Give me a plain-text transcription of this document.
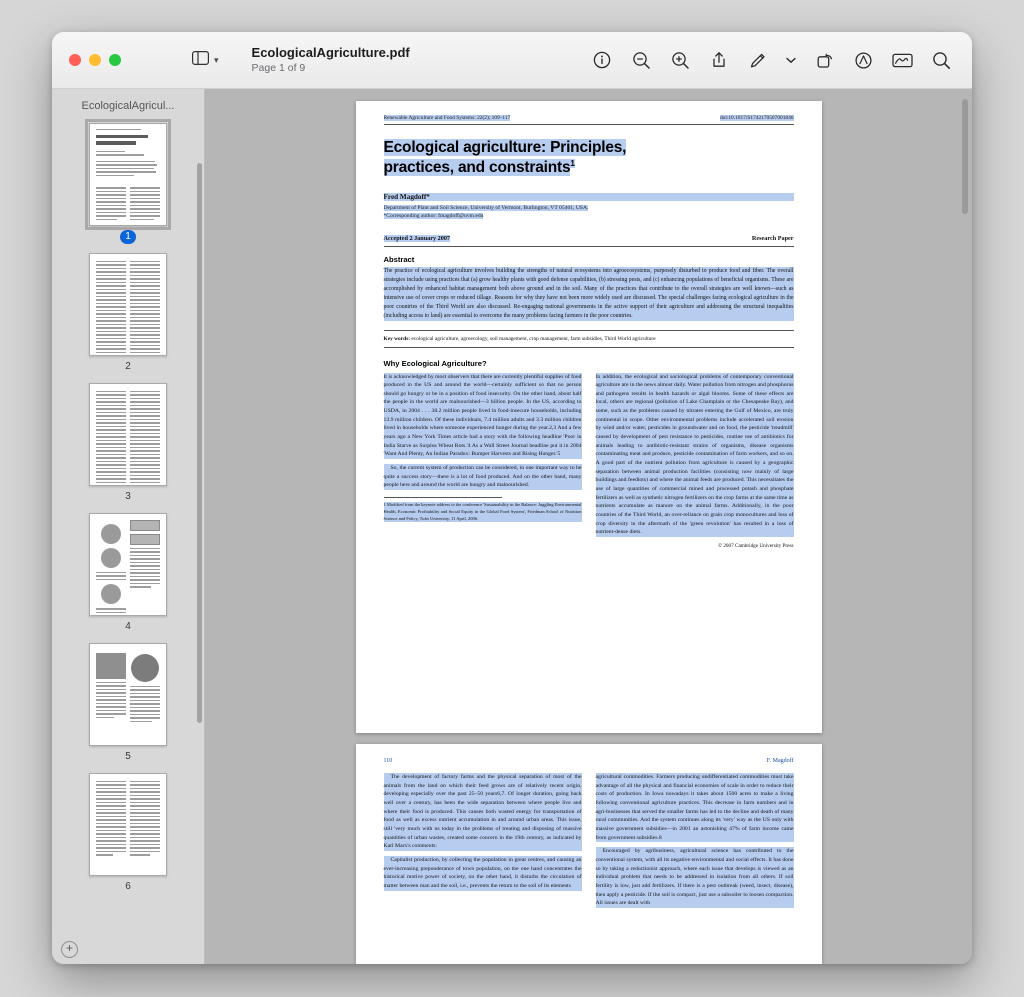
▾	EcologicalAgriculture.pdf
Page 1 of 9
EcologicalAgricul...
1
2
3
4
5
6
+
Renewable Agriculture and Food Systems: 22(2); 109–117	doi:10.1017/S1742170507001846
Ecological agriculture: Principles,
practices, and constraints$^1$
Fred Magdoff*
Department of Plant and Soil Science, University of Vermont, Burlington, VT 05401, USA.
*Corresponding author: fmagdoff@uvm.edu
Accepted 2 January 2007	Research Paper
Abstract

The practice of ecological agriculture involves building the strengths of natural ecosystems into agroecosystems, purposely disturbed to produce food and fiber. The overall strategies include using practices that (a) grow healthy plants with good defense capabilities, (b) stressing pests, and (c) enhancing populations of beneficial organisms. These are accomplished by enhanced habitat management both above ground and in the soil. Many of the practices that contribute to the overall strategies are well known—such as intensive use of cover crops or reduced tillage. Reasons for why they have not been more widely used are discussed. The special challenges facing ecological agriculture in the poor countries of the Third World are also discussed. Re-engaging national governments in the active support of their agriculture and addressing the structural inequalities (including access to land) are essential to overcome the many problems facing farmers in the poor countries.

Key words: ecological agriculture, agroecology, soil management, crop management, farm subsidies, Third World agriculture
Why Ecological Agriculture?

It is acknowledged by most observers that there are currently plentiful supplies of food produced in the US and around the world—certainly sufficient so that no person should go hungry or be in a position of food insecurity. On the other hand, about half the people in the world are malnourished—3 billion people. In the US, according to USDA, in 2004 . . . 38.2 million people lived in food-insecure households, including 13.9 million children. Of these individuals, 7.4 million adults and 3.3 million children lived in households where someone experienced hunger during the year.2,3 And a few years ago a New York Times article had a story with the following headline 'Poor in India Starve as Surplus Wheat Rots.'4 As a Wall Street Journal headline put it in 2004 'Want And Plenty, An Indian Paradox: Bumper Harvests and Rising Hunger.'5

So, the current system of production can be considered, in one important way to be quite a success story—there is a lot of food produced. And on the other hand, many people here and around the world are hungry and malnourished.

1 Modified from the keynote address to the conference 'Sustainability in the Balance: Juggling Environmental Health, Economic Profitability and Social Equity in the Global Food System', Friedman School of Nutrition Science and Policy, Tufts University, 11 April, 2006.

In addition, the ecological and sociological problems of contemporary conventional agriculture are in the news almost daily. Water pollution from nitrogen and phosphorus and pathogens results in health hazards or algal blooms. Some of these effects are local, others are regional (pollution of Lake Champlain or the Chesapeake Bay), and some, such as the problems caused by nitrates entering the Gulf of Mexico, are truly continental in scope. Other environmental problems include accelerated soil erosion by wind and/or water, pesticides in groundwater and on food, the pesticide 'treadmill' caused by development of pest resistance to pesticides, routine use of antibiotics for animals leading to antibiotic-resistant strains of organisms, disease organisms contaminating meat and produce, pesticide contamination of farm workers, and so on. A good part of the nutrient pollution from agriculture is caused by a geographic separation between animal production facilities (consisting now mainly of large buildings and feedlots) and where the animal feeds are produced. This necessitates the use of large quantities of commercial mined and processed potash and phosphate fertilizers as well as synthetic nitrogen fertilizers on the crop farms at the same time as nutrients accumulate as manure on the animal farms. Additionally, in the poor countries of the Third World, an over-reliance on grain crop monocultures and loss of crop diversity in the aftermath of the 'green revolution' has resulted in a loss of nutrient-dense diets.

© 2007 Cambridge University Press
110	F. Magdoff

The development of factory farms and the physical separation of most of the animals from the land on which their feed grows are of relatively recent origin, developing especially over the past 25–50 years6,7. Of longer duration, going back well over a century, has been the wide separation between where people live and where their food is produced. This causes both wasted energy for transportation of food as well as excess nutrient accumulation in and around urban areas. This issue, still 'very much with us today in the problems of treating and disposing of massive quantities of urban wastes, created some concern in the 19th century, as indicated by Karl Marx's comments:

Capitalist production, by collecting the population in great centres, and causing an ever-increasing preponderance of town population, on the one hand concentrates the historical motive power of society, on the other hand, it disturbs the circulation of matter between man and the soil, i.e., prevents the return to the soil of its elements

agricultural commodities. Farmers producing undifferentiated commodities must take advantage of all the physical and financial economies of scale in order to reduce their costs of production. In Iowa nowadays it takes about 1500 acres to make a living following conventional agriculture practices. This decrease in farm numbers and in agri-businesses that served the smaller farms has led to the decline and death of many rural communities. And the system continues along its 'very' way as the US only with massive government subsidies—in 2001 an astonishing 47% of farm income came from government subsidies.8

Encouraged by agribusiness, agricultural science has contributed to the conventional system, with all its negative environmental and social effects. It has done so by taking a reductionist approach, where each issue that develops is viewed as an individual problem that needs to be addressed in isolation from all others. If soil fertility is low, just add fertilizers. If there is a pest outbreak (weed, insect, disease), then apply a pesticide. If the soil is compact, just use a subsoiler to loosen compaction. All issues are dealt with
